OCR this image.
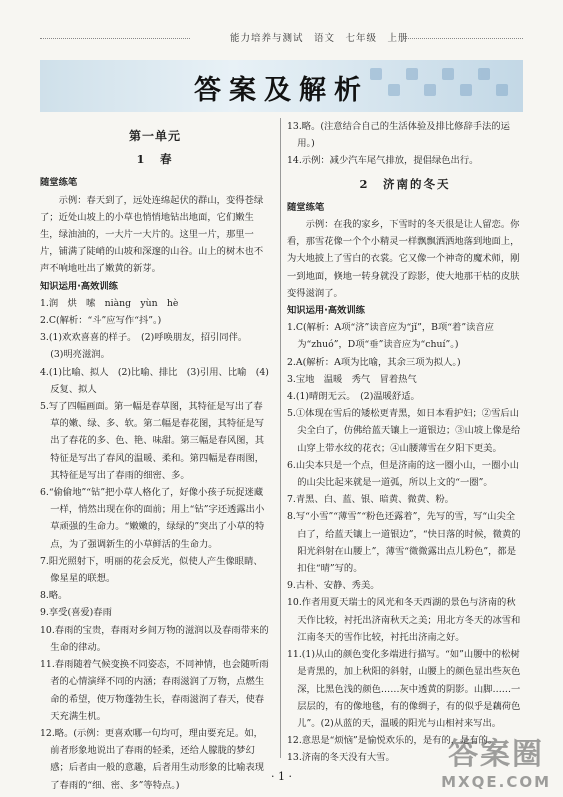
能力培养与测试　语文　七年级　上册
答案及解析
第一单元
1　春
随堂练笔
示例：春天到了，远处连绵起伏的群山，变得苍绿了；近处山坡上的小草也悄悄地钻出地面，它们嫩生生，绿油油的，一大片一大片的。这里一片，那里一片，铺满了陡峭的山坡和深邃的山谷。山上的树木也不声不响地吐出了嫩黄的新芽。
知识运用·高效训练
1.润　烘　嗦　niàng　yùn　hè
2.C(解析：“斗”应写作“抖”。)
3.(1)欢欢喜喜的样子。　(2)呼唤朋友，招引同伴。
(3)明亮滋润。
4.(1)比喻、拟人　(2)比喻、排比　(3)引用、比喻　(4)反复、拟人
5.写了四幅画面。第一幅是春草图，其特征是写出了春草的嫩、绿、多、软。第二幅是春花图，其特征是写出了春花的多、色、艳、味甜。第三幅是春风图，其特征是写出了春风的温暖、柔和。第四幅是春雨图，其特征是写出了春雨的细密、多。
6.“偷偷地”“钻”把小草人格化了，好像小孩子玩捉迷藏一样，悄然出现在你的面前；用上“钻”字还透露出小草顽强的生命力。“嫩嫩的，绿绿的”突出了小草的特点，为了强调新生的小草鲜活的生命力。
7.阳光照射下，明丽的花会反光，似使人产生像眼睛、像星星的联想。
8.略。
9.享受(喜爱)春雨
10.春雨的宝贵，春雨对乡间万物的滋润以及春雨带来的生命的律动。
11.春雨随着气候变换不同姿态，不同神情，也会随听雨者的心情演绎不同的内涵；春雨滋润了万物，点燃生命的希望，使万物蓬勃生长，春雨滋润了春天，使春天充满生机。
12.略。(示例：更喜欢哪一句均可，理由要充足。如，前者形象地说出了春雨的轻柔，还给人朦胧的梦幻感；后者由一般的意趣，后者用生动形象的比喻表现了春雨的“细、密、多”等特点。)
13.略。(注意结合自己的生活体验及排比修辞手法的运用。)
14.示例：减少汽车尾气排放，提倡绿色出行。
2　济南的冬天
随堂练笔
示例：在我的家乡，下雪时的冬天很是让人留恋。你看，那雪花像一个个小精灵一样飘飘洒洒地落到地面上，为大地披上了雪白的衣裳。它又像一个神奇的魔术师，刚一到地面，倏地一转身就没了踪影，使大地那干枯的皮肤变得滋润了。
知识运用·高效训练
1.C(解析：A项“济”读音应为“jǐ”，B项“着”读音应为“zhuó”，D项“垂”读音应为“chuí”。)
2.A(解析：A项为比喻，其余三项为拟人。)
3.宝地　温暖　秀气　冒着热气
4.(1)晴朗无云。　(2)温暖舒适。
5.①体现在雪后的矮松更青黑，如日本看护妇；②雪后山尖全白了，仿佛给蓝天镶上一道银边；③山坡上像是给山穿上带水纹的花衣；④山腰薄雪在夕阳下更美。
6.山尖本只是一个点，但是济南的这一圈小山，一圈小山的山尖比起来就是一道弧，所以上文的“一圈”。
7.青黑、白、蓝、银、暗黄、微黄、粉。
8.写“小雪”“薄雪”“粉色还露着”，先写的雪，写“山尖全白了，给蓝天镶上一道银边”，“快日落的时候，微黄的阳光斜射在山腰上”，薄雪“微微露出点儿粉色”，都是扣住“晴”写的。
9.古朴、安静、秀美。
10.作者用夏天瑞士的风光和冬天西湖的景色与济南的秋天作比较，衬托出济南秋天之美；用北方冬天的冰雪和江南冬天的雪作比较，衬托出济南之好。
11.(1)从山的颜色变化多端进行描写。“如”山腰中的松树是青黑的，加上秋阳的斜射，山腰上的颜色显出些灰色深，比黑色浅的颜色……灰中透黄的阴影。山脚……一层层的，有的像地毯，有的像绸子，有的似乎是藕荷色儿”。(2)从蓝的天，温暖的阳光与山相衬来写出。
12.意思是“烦恼”是愉悦欢乐的，是有的，是有的。
13.济南的冬天没有大雪。
· 1 ·
答案圈
MXQE.COM
